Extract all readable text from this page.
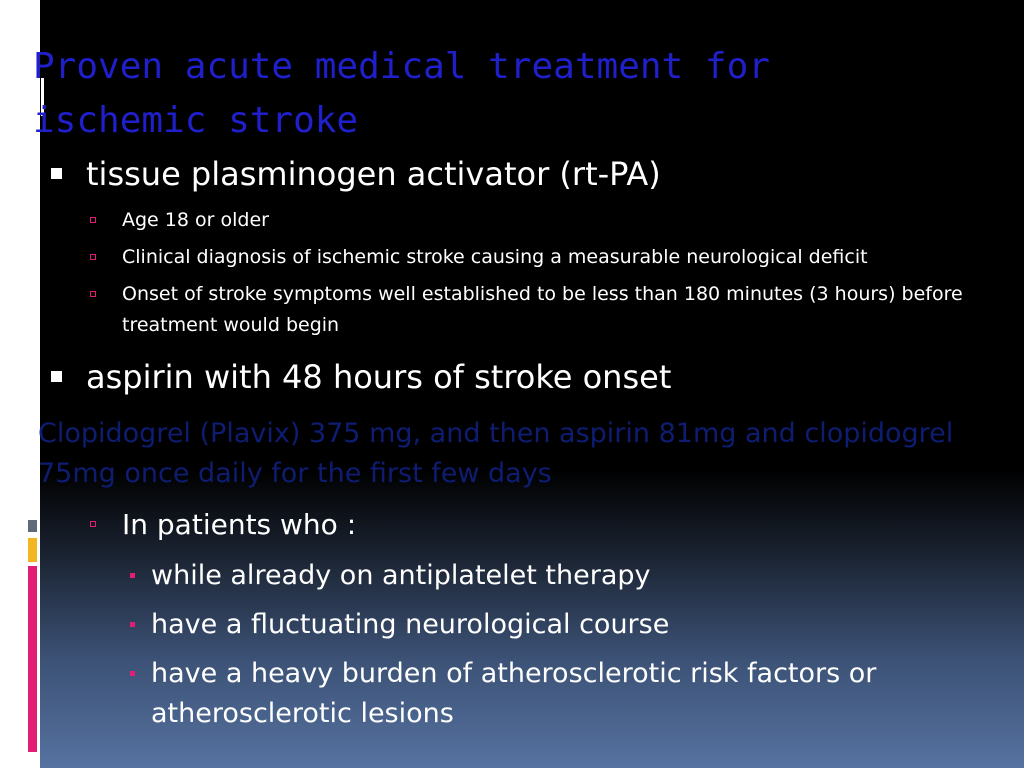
Proven acute medical treatment for
ischemic stroke
tissue plasminogen activator (rt-PA)
Age 18 or older
Clinical diagnosis of ischemic stroke causing a measurable neurological deficit
Onset of stroke symptoms well established to be less than 180 minutes (3 hours) before treatment would begin
aspirin with 48 hours of stroke onset
Clopidogrel (Plavix) 375 mg, and then aspirin 81mg and clopidogrel 75mg once daily for the first few days
In patients who :
while already on antiplatelet therapy
have a fluctuating neurological course
have a heavy burden of atherosclerotic risk factors or atherosclerotic lesions
